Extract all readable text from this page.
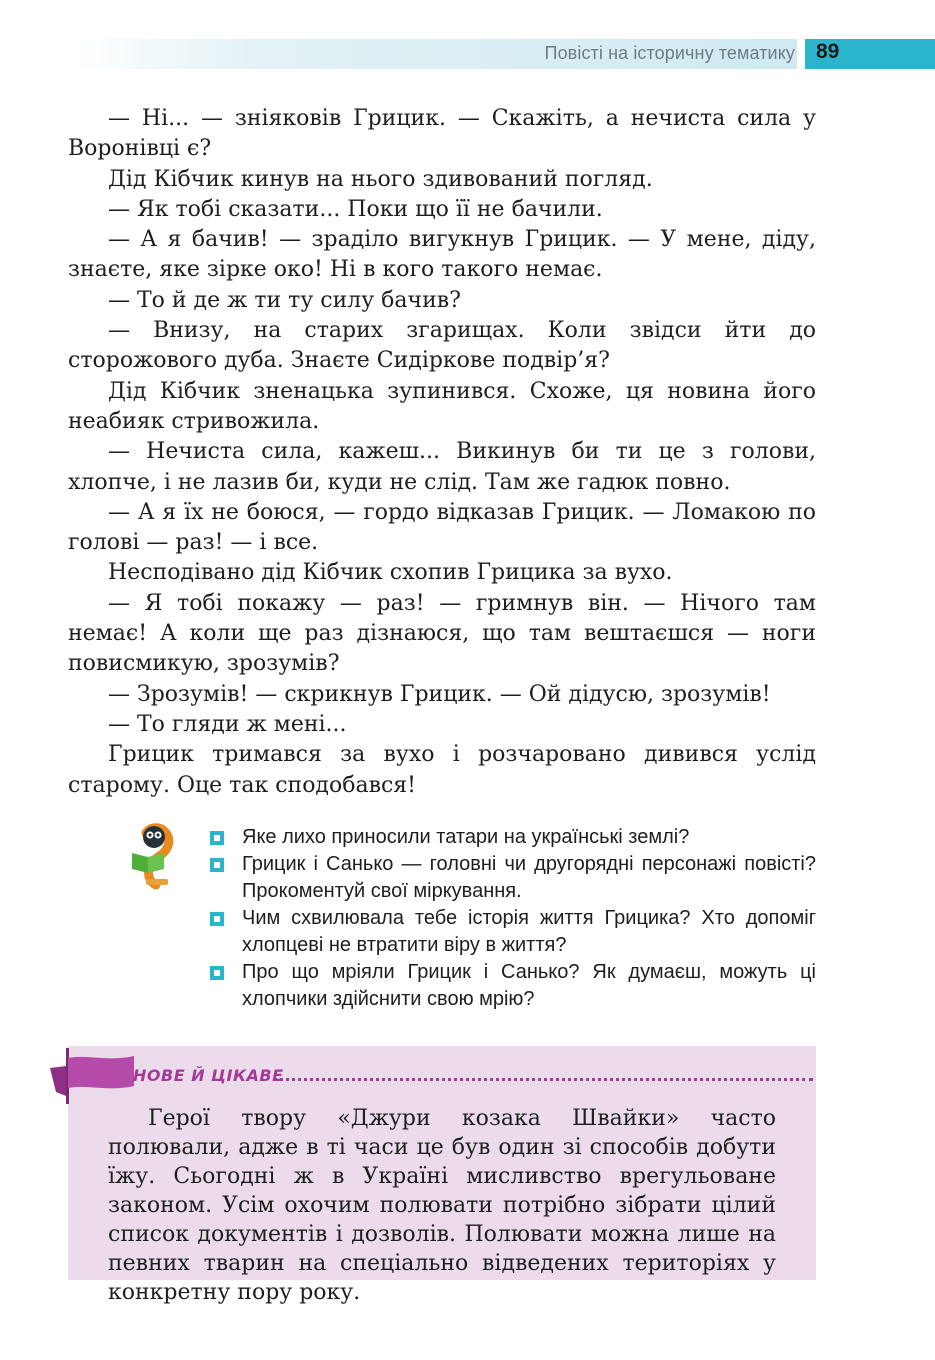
Повісті на історичну тематику 89

— Ні... — зніяковів Грицик. — Скажіть, а нечиста сила у Воронівці є?

Дід Кібчик кинув на нього здивований погляд.

— Як тобі сказати... Поки що її не бачили.

— А я бачив! — зраділо вигукнув Грицик. — У мене, діду, знаєте, яке зірке око! Ні в кого такого немає.

— То й де ж ти ту силу бачив?

— Внизу, на старих згарищах. Коли звідси йти до сторожового дуба. Знаєте Сидіркове подвір’я?

Дід Кібчик зненацька зупинився. Схоже, ця новина його неабияк стривожила.

— Нечиста сила, кажеш... Викинув би ти це з голови, хлопче, і не лазив би, куди не слід. Там же гадюк повно.

— А я їх не боюся, — гордо відказав Грицик. — Ломакою по голові — раз! — і все.

Несподівано дід Кібчик схопив Грицика за вухо.

— Я тобі покажу — раз! — гримнув він. — Нічого там немає! А коли ще раз дізнаюся, що там вештаєшся — ноги повисмикую, зрозумів?

— Зрозумів! — скрикнув Грицик. — Ой дідусю, зрозумів!

— То гляди ж мені...

Грицик тримався за вухо і розчаровано дивився услід старому. Оце так сподобався!

Яке лихо приносили татари на українські землі?
Грицик і Санько — головні чи другорядні персонажі повісті? Прокоментуй свої міркування.
Чим схвилювала тебе історія життя Грицика? Хто допоміг хлопцеві не втратити віру в життя?
Про що мріяли Грицик і Санько? Як думаєш, можуть ці хлопчики здійснити свою мрію?
НОВЕ Й ЦІКАВЕ

Герої твору «Джури козака Швайки» часто полювали, адже в ті часи це був один зі способів добути їжу. Сьогодні ж в Україні мисливство врегульоване законом. Усім охочим полювати потрібно зібрати цілий список документів і дозволів. Полювати можна лише на певних тварин на спеціально відведених територіях у конкретну пору року.
